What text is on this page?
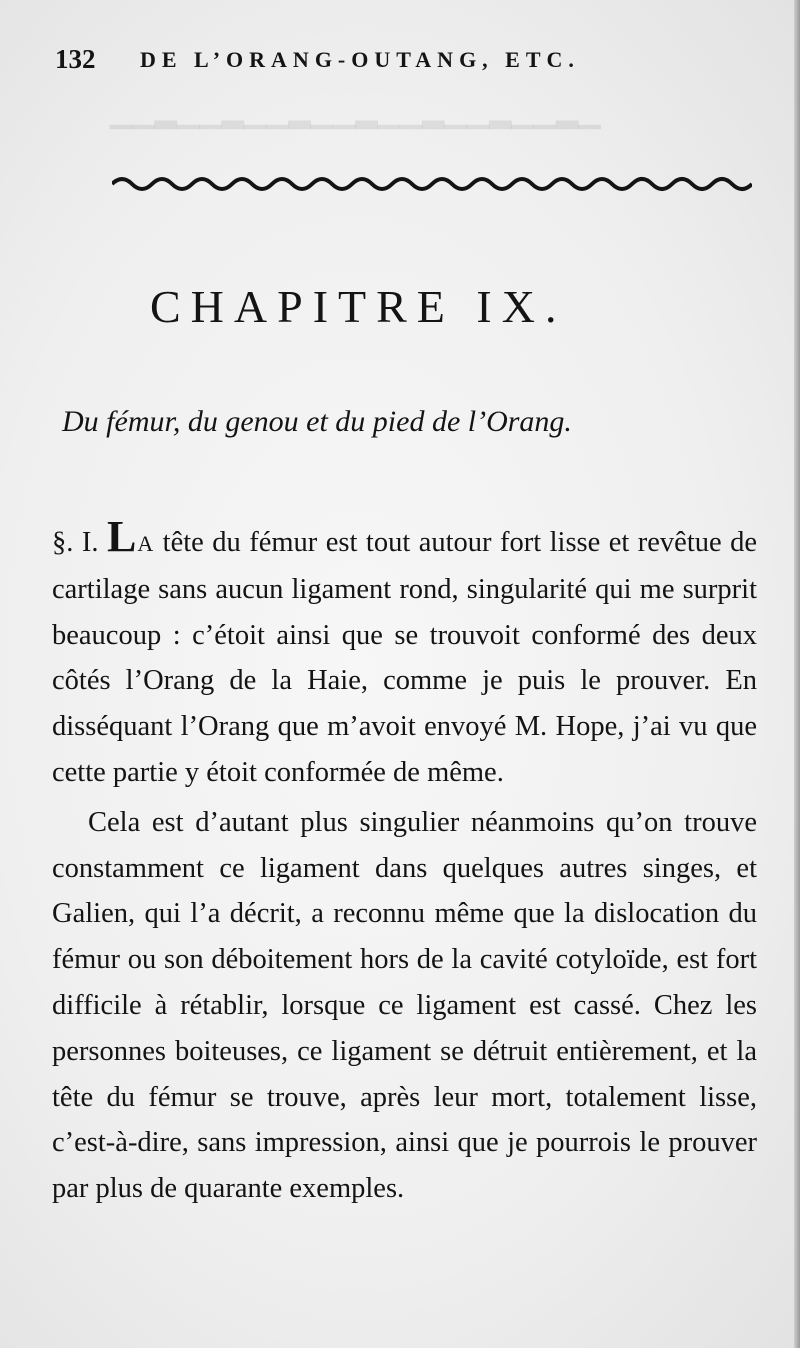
▁▂▁▁▂▁▁▂▁▁▂▁▁▂▁▁▂▁▁▂▁▁
132 DE L’ORANG-OUTANG, ETC.
CHAPITRE IX.
Du fémur, du genou et du pied de l’Orang.

§. I. LA tête du fémur est tout autour fort lisse et revêtue de cartilage sans aucun ligament rond, singularité qui me surprit beaucoup : c’étoit ainsi que se trouvoit conformé des deux côtés l’Orang de la Haie, comme je puis le prouver. En disséquant l’Orang que m’avoit envoyé M. Hope, j’ai vu que cette partie y étoit conformée de même.

Cela est d’autant plus singulier néanmoins qu’on trouve constamment ce ligament dans quelques autres singes, et Galien, qui l’a décrit, a reconnu même que la dislocation du fémur ou son déboitement hors de la cavité cotyloïde, est fort difficile à rétablir, lorsque ce ligament est cassé. Chez les personnes boiteuses, ce ligament se détruit entièrement, et la tête du fémur se trouve, après leur mort, totalement lisse, c’est-à-dire, sans impression, ainsi que je pourrois le prouver par plus de quarante exemples.
